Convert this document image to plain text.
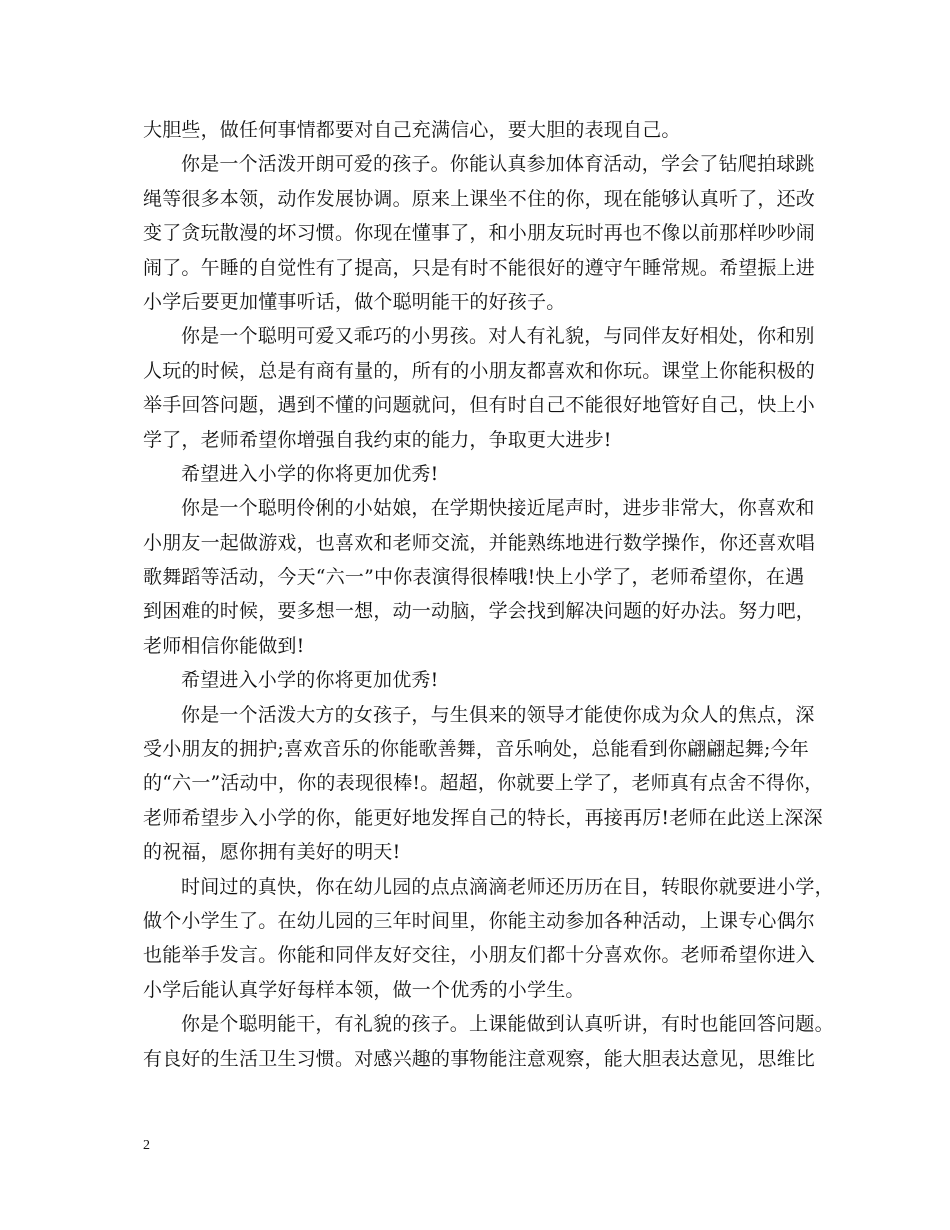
大胆些，做任何事情都要对自己充满信心，要大胆的表现自己。
你是一个活泼开朗可爱的孩子。你能认真参加体育活动，学会了钻爬拍球跳
绳等很多本领，动作发展协调。原来上课坐不住的你，现在能够认真听了，还改
变了贪玩散漫的坏习惯。你现在懂事了，和小朋友玩时再也不像以前那样吵吵闹
闹了。午睡的自觉性有了提高，只是有时不能很好的遵守午睡常规。希望振上进
小学后要更加懂事听话，做个聪明能干的好孩子。
你是一个聪明可爱又乖巧的小男孩。对人有礼貌，与同伴友好相处，你和别
人玩的时候，总是有商有量的，所有的小朋友都喜欢和你玩。课堂上你能积极的
举手回答问题，遇到不懂的问题就问，但有时自己不能很好地管好自己，快上小
学了，老师希望你增强自我约束的能力，争取更大进步!
希望进入小学的你将更加优秀!
你是一个聪明伶俐的小姑娘，在学期快接近尾声时，进步非常大，你喜欢和
小朋友一起做游戏，也喜欢和老师交流，并能熟练地进行数学操作，你还喜欢唱
歌舞蹈等活动，今天“六一”中你表演得很棒哦!快上小学了，老师希望你，在遇
到困难的时候，要多想一想，动一动脑，学会找到解决问题的好办法。努力吧，
老师相信你能做到!
希望进入小学的你将更加优秀!
你是一个活泼大方的女孩子，与生俱来的领导才能使你成为众人的焦点，深
受小朋友的拥护;喜欢音乐的你能歌善舞，音乐响处，总能看到你翩翩起舞;今年
的“六一”活动中，你的表现很棒!。超超，你就要上学了，老师真有点舍不得你，
老师希望步入小学的你，能更好地发挥自己的特长，再接再厉!老师在此送上深深
的祝福，愿你拥有美好的明天!
时间过的真快，你在幼儿园的点点滴滴老师还历历在目，转眼你就要进小学，
做个小学生了。在幼儿园的三年时间里，你能主动参加各种活动，上课专心偶尔
也能举手发言。你能和同伴友好交往，小朋友们都十分喜欢你。老师希望你进入
小学后能认真学好每样本领，做一个优秀的小学生。
你是个聪明能干，有礼貌的孩子。上课能做到认真听讲，有时也能回答问题。
有良好的生活卫生习惯。对感兴趣的事物能注意观察，能大胆表达意见，思维比
2
